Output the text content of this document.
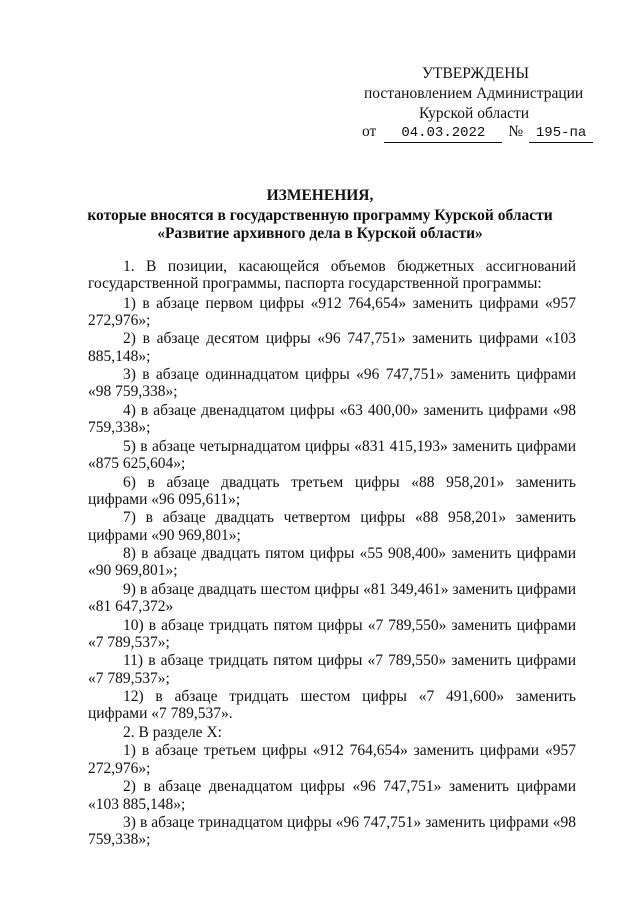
УТВЕРЖДЕНЫ
постановлением Администрации
Курской области
от 04.03.2022 № 195-па
ИЗМЕНЕНИЯ,
которые вносятся в государственную программу Курской области
«Развитие архивного дела в Курской области»

1. В позиции, касающейся объемов бюджетных ассигнований государственной программы, паспорта государственной программы:

1) в абзаце первом цифры «912 764,654» заменить цифрами «957 272,976»;

2) в абзаце десятом цифры «96 747,751» заменить цифрами «103 885,148»;

3) в абзаце одиннадцатом цифры «96 747,751» заменить цифрами «98 759,338»;

4) в абзаце двенадцатом цифры «63 400,00» заменить цифрами «98 759,338»;

5) в абзаце четырнадцатом цифры «831 415,193» заменить цифрами «875 625,604»;

6) в абзаце двадцать третьем цифры «88 958,201» заменить цифрами «96 095,611»;

7) в абзаце двадцать четвертом цифры «88 958,201» заменить цифрами «90 969,801»;

8) в абзаце двадцать пятом цифры «55 908,400» заменить цифрами «90 969,801»;

9) в абзаце двадцать шестом цифры «81 349,461» заменить цифрами «81 647,372»

10) в абзаце тридцать пятом цифры «7 789,550» заменить цифрами «7 789,537»;

11) в абзаце тридцать пятом цифры «7 789,550» заменить цифрами «7 789,537»;

12) в абзаце тридцать шестом цифры «7 491,600» заменить цифрами «7 789,537».

2. В разделе X:

1) в абзаце третьем цифры «912 764,654» заменить цифрами «957 272,976»;

2) в абзаце двенадцатом цифры «96 747,751» заменить цифрами «103 885,148»;

3) в абзаце тринадцатом цифры «96 747,751» заменить цифрами «98 759,338»;
